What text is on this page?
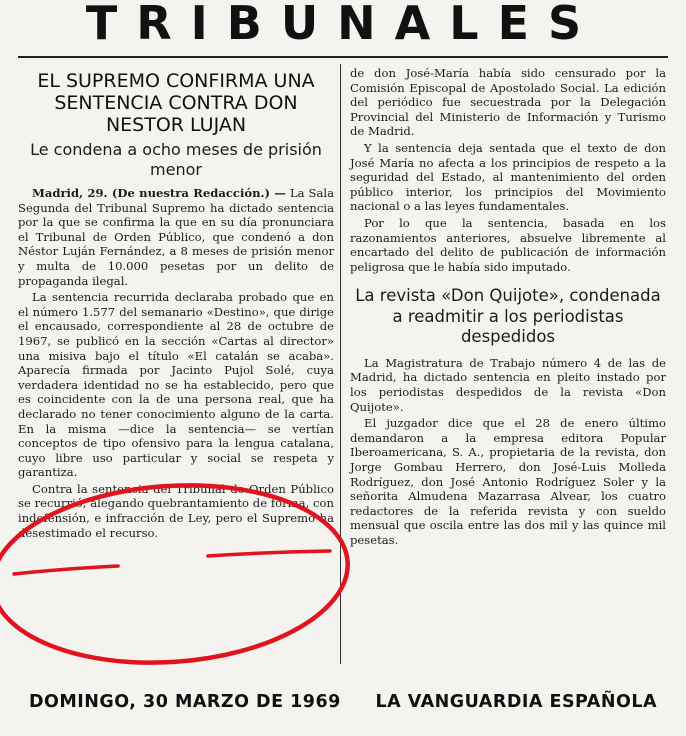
TRIBUNALES
EL SUPREMO CONFIRMA UNA SENTENCIA CONTRA DON NESTOR LUJAN
Le condena a ocho meses de prisión menor

Madrid, 29. (De nuestra Redacción.) — La Sala Segunda del Tribunal Supremo ha dictado sentencia por la que se confirma la que en su día pronunciara el Tribunal de Orden Público, que condenó a don Néstor Luján Fernández, a 8 meses de prisión menor y multa de 10.000 pesetas por un delito de propaganda ilegal.

La sentencia recurrida declaraba probado que en el número 1.577 del semanario «Destino», que dirige el encausado, correspondiente al 28 de octubre de 1967, se publicó en la sección «Cartas al director» una misiva bajo el título «El catalán se acaba». Aparecía firmada por Jacinto Pujol Solé, cuya verdadera identidad no se ha establecido, pero que es coincidente con la de una persona real, que ha declarado no tener conocimiento alguno de la carta. En la misma —dice la sentencia— se vertían conceptos de tipo ofensivo para la lengua catalana, cuyo libre uso particular y social se respeta y garantiza.

Contra la sentencia del Tribunal de Orden Público se recurrió, alegando quebrantamiento de forma, con indefensión, e infracción de Ley, pero el Supremo ha desestimado el recurso.

de don José-María había sido censurado por la Comisión Episcopal de Apostolado Social. La edición del periódico fue secuestrada por la Delegación Provincial del Ministerio de Información y Turismo de Madrid.

Y la sentencia deja sentada que el texto de don José María no afecta a los principios de respeto a la seguridad del Estado, al mantenimiento del orden público interior, los principios del Movimiento nacional o a las leyes fundamentales.

Por lo que la sentencia, basada en los razonamientos anteriores, absuelve libremente al encartado del delito de publicación de información peligrosa que le había sido imputado.

La revista «Don Quijote», condenada a readmitir a los periodistas despedidos

La Magistratura de Trabajo número 4 de las de Madrid, ha dictado sentencia en pleito instado por los periodistas despedidos de la revista «Don Quijote».

El juzgador dice que el 28 de enero último demandaron a la empresa editora Popular Iberoamericana, S. A., propietaria de la revista, don Jorge Gombau Herrero, don José-Luis Molleda Rodríguez, don José Antonio Rodríguez Soler y la señorita Almudena Mazarrasa Alvear, los cuatro redactores de la referida revista y con sueldo mensual que oscila entre las dos mil y las quince mil pesetas.

DOMINGO, 30 MARZO DE 1969 LA VANGUARDIA ESPAÑOLA
